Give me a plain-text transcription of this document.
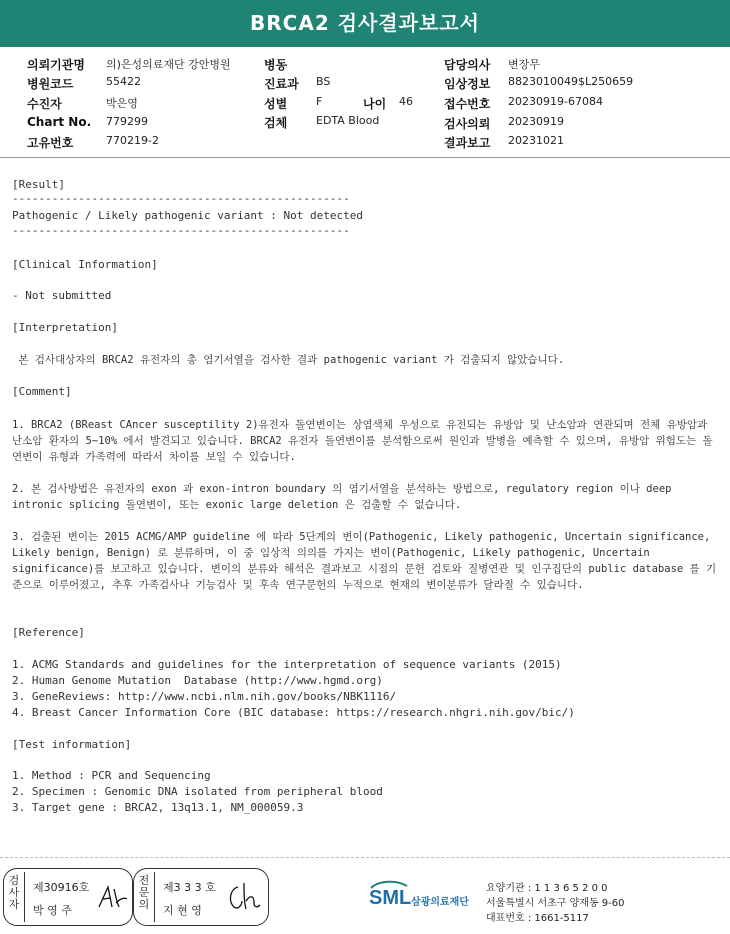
BRCA2 검사결과보고서
의뢰기관명 의)은성의료재단 강안병원
병원코드	55422
수진자	박은영
Chart No. 779299
고유번호	770219-2
병동
진료과 BS
성별	F	나이 46
검체	EDTA Blood
담당의사 변장무
임상정보 8823010049$L250659
접수번호 20230919-67084
검사의뢰 20230919
결과보고 20231021
[Result]
---------------------------------------------------
Pathogenic / Likely pathogenic variant : Not detected
---------------------------------------------------
[Clinical Information]
- Not submitted
[Interpretation]
본 검사대상자의 BRCA2 유전자의 총 염기서열을 검사한 결과 pathogenic variant 가 검출되지 않았습니다.
[Comment]
1. BRCA2 (BReast CAncer susceptility 2)유전자 돌연변이는 상염색체 우성으로 유전되는 유방암 및 난소암과 연관되며 전체 유방암과 난소암 환자의 5~10% 에서 발견되고 있습니다. BRCA2 유전자 돌연변이를 분석함으로써 원인과 발병을 예측할 수 있으며, 유방암 위험도는 돌연변이 유형과 가족력에 따라서 차이를 보일 수 있습니다.
2. 본 검사방법은 유전자의 exon 과 exon-intron boundary 의 염기서열을 분석하는 방법으로, regulatory region 이나 deep intronic splicing 돌연변이, 또는 exonic large deletion 은 검출할 수 없습니다.
3. 검출된 변이는 2015 ACMG/AMP guideline 에 따라 5단계의 변이(Pathogenic, Likely pathogenic, Uncertain significance, Likely benign, Benign) 로 분류하며, 이 중 임상적 의의를 가지는 변이(Pathogenic, Likely pathogenic, Uncertain significance)를 보고하고 있습니다. 변이의 분류와 해석은 결과보고 시점의 문헌 검토와 질병연관 및 인구집단의 public database 를 기준으로 이루어졌고, 추후 가족검사나 기능검사 및 후속 연구문헌의 누적으로 현재의 변이분류가 달라질 수 있습니다.
[Reference]
1. ACMG Standards and guidelines for the interpretation of sequence variants (2015)
2. Human Genome Mutation  Database (http://www.hgmd.org)
3. GeneReviews: http://www.ncbi.nlm.nih.gov/books/NBK1116/
4. Breast Cancer Information Core (BIC database: https://research.nhgri.nih.gov/bic/)
[Test information]
1. Method : PCR and Sequencing
2. Specimen : Genomic DNA isolated from peripheral blood
3. Target gene : BRCA2, 13q13.1, NM_000059.3
검사자
제30916호
박 영 주
전문의
제3 3 3 호
지 현 영
SML 삼광의료재단
요양기관 : 1 1 3 6 5 2 0 0
서울특별시 서초구 양재동 9-60
대표번호 : 1661-5117
